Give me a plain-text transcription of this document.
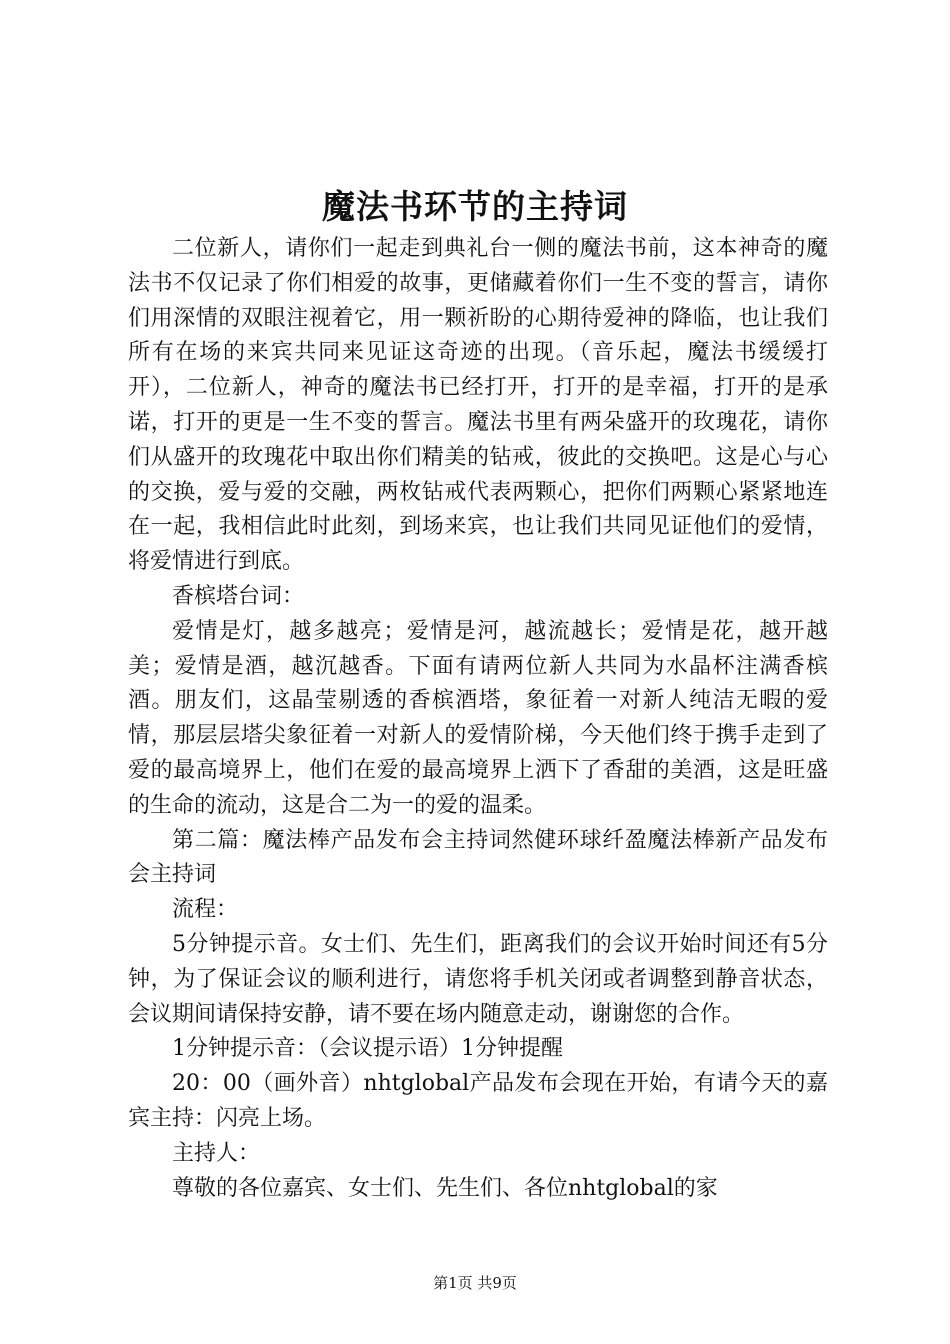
魔法书环节的主持词

二位新人，请你们一起走到典礼台一侧的魔法书前，这本神奇的魔法书不仅记录了你们相爱的故事，更储藏着你们一生不变的誓言，请你们用深情的双眼注视着它，用一颗祈盼的心期待爱神的降临，也让我们所有在场的来宾共同来见证这奇迹的出现。（音乐起，魔法书缓缓打开），二位新人，神奇的魔法书已经打开，打开的是幸福，打开的是承诺，打开的更是一生不变的誓言。魔法书里有两朵盛开的玫瑰花，请你们从盛开的玫瑰花中取出你们精美的钻戒，彼此的交换吧。这是心与心的交换，爱与爱的交融，两枚钻戒代表两颗心，把你们两颗心紧紧地连在一起，我相信此时此刻，到场来宾，也让我们共同见证他们的爱情，将爱情进行到底。

香槟塔台词：

爱情是灯，越多越亮；爱情是河，越流越长；爱情是花，越开越美；爱情是酒，越沉越香。下面有请两位新人共同为水晶杯注满香槟酒。朋友们，这晶莹剔透的香槟酒塔，象征着一对新人纯洁无暇的爱情，那层层塔尖象征着一对新人的爱情阶梯，今天他们终于携手走到了爱的最高境界上，他们在爱的最高境界上洒下了香甜的美酒，这是旺盛的生命的流动，这是合二为一的爱的温柔。

第二篇：魔法棒产品发布会主持词然健环球纤盈魔法棒新产品发布会主持词

流程：

5分钟提示音。女士们、先生们，距离我们的会议开始时间还有5分钟，为了保证会议的顺利进行，请您将手机关闭或者调整到静音状态，会议期间请保持安静，请不要在场内随意走动，谢谢您的合作。

1分钟提示音：（会议提示语）1分钟提醒

20：00（画外音）nhtglobal产品发布会现在开始，有请今天的嘉宾主持：闪亮上场。

主持人：

尊敬的各位嘉宾、女士们、先生们、各位nhtglobal的家

第1页 共9页
